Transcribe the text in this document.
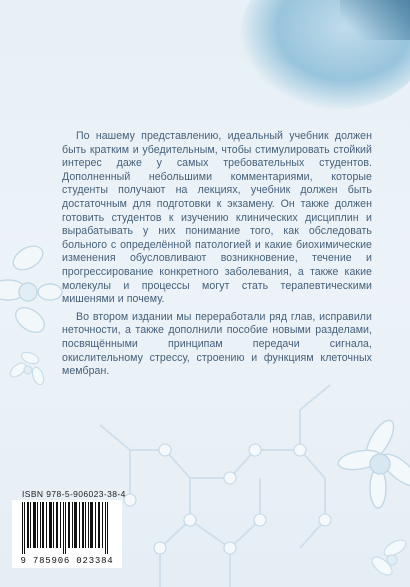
По нашему представлению, идеальный учебник должен быть кратким и убедительным, чтобы стимулировать стойкий интерес даже у самых требовательных студентов. Дополненный небольшими комментариями, которые студенты получают на лекциях, учебник должен быть достаточным для подготовки к экзамену. Он также должен готовить студентов к изучению клинических дисциплин и вырабатывать у них понимание того, как обследовать больного с определённой патологией и какие биохимические изменения обусловливают возникновение, течение и прогрессирование конкретного заболевания, а также какие молекулы и процессы могут стать терапевтическими мишенями и почему.

Во втором издании мы переработали ряд глав, исправили неточности, а также дополнили пособие новыми разделами, посвящёнными принципам передачи сигнала, окислительному стрессу, строению и функциям клеточных мембран.

ISBN 978-5-906023-38-4
9 785906 023384
